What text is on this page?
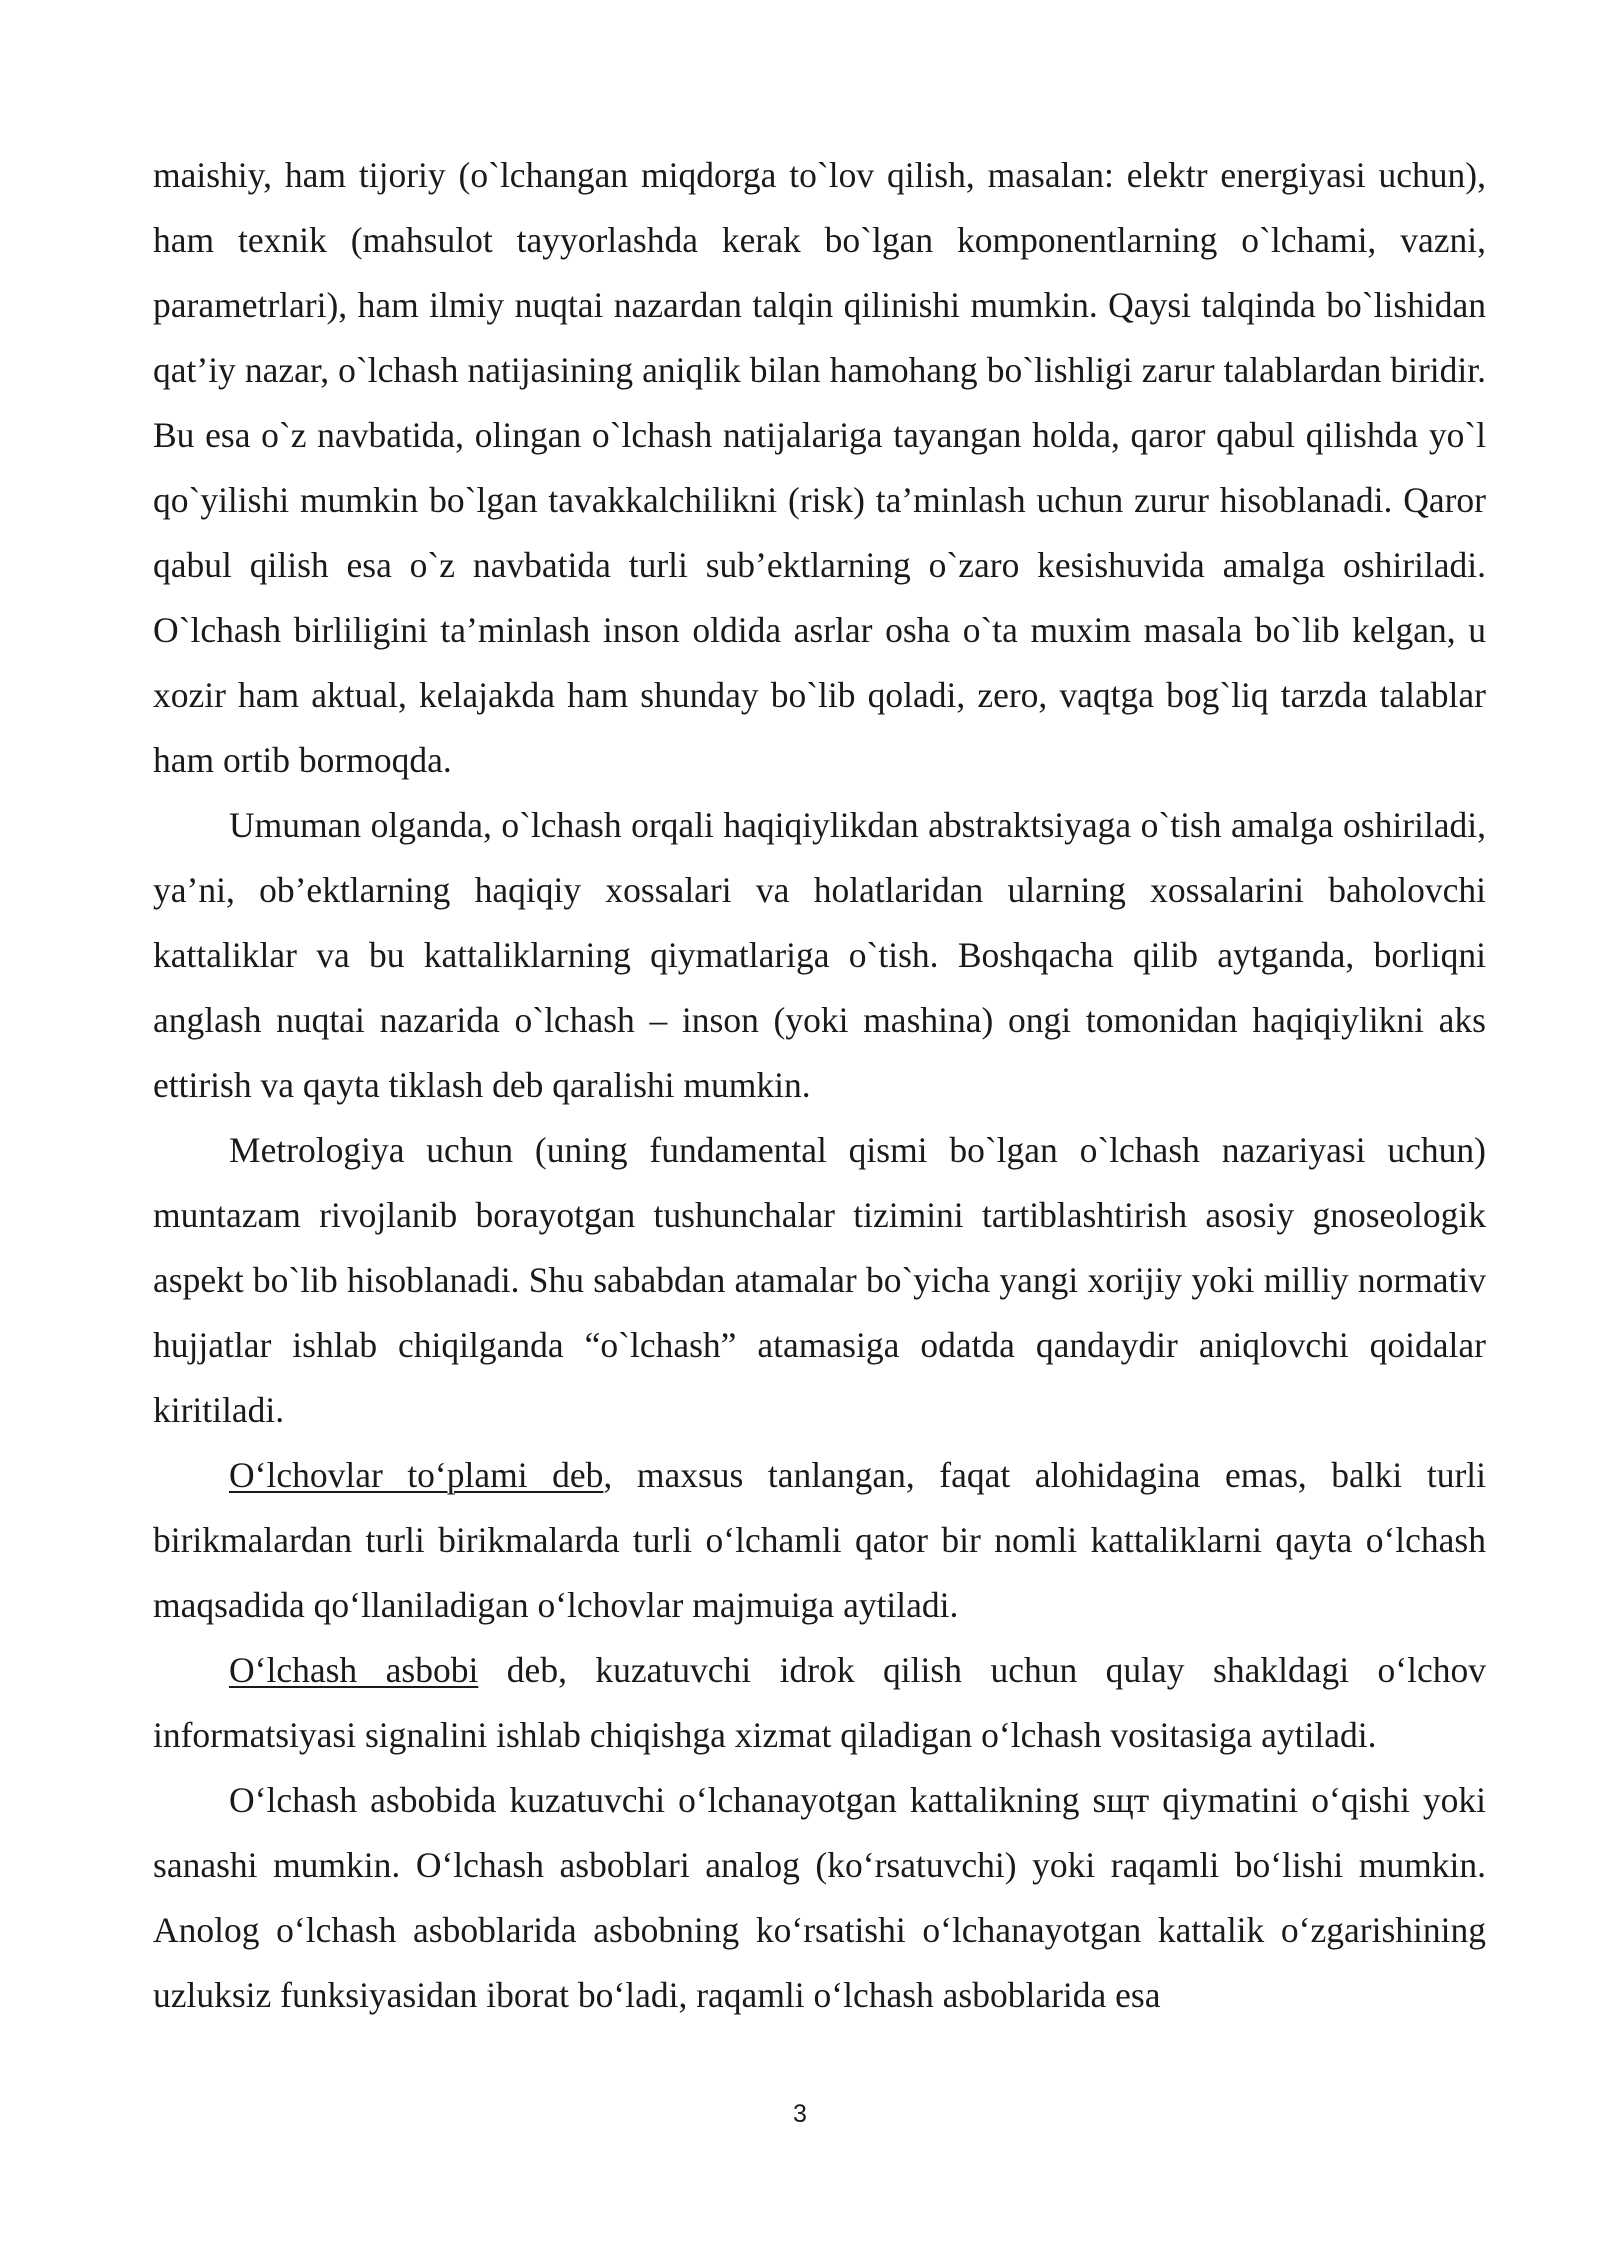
maishiy, ham tijoriy (o`lchangan miqdorga to`lov qilish, masalan: elektr energiyasi uchun), ham texnik (mahsulot tayyorlashda kerak bo`lgan komponentlarning o`lchami, vazni, parametrlari), ham ilmiy nuqtai nazardan talqin qilinishi mumkin. Qaysi talqinda bo`lishidan qat’iy nazar, o`lchash natijasining aniqlik bilan hamohang bo`lishligi zarur talablardan biridir. Bu esa o`z navbatida, olingan o`lchash natijalariga tayangan holda, qaror qabul qilishda yo`l qo`yilishi mumkin bo`lgan tavakkalchilikni (risk) ta’minlash uchun zurur hisoblanadi. Qaror qabul qilish esa o`z navbatida turli sub’ektlarning o`zaro kesishuvida amalga oshiriladi. O`lchash birliligini ta’minlash inson oldida asrlar osha o`ta muxim masala bo`lib kelgan, u xozir ham aktual, kelajakda ham shunday bo`lib qoladi, zero, vaqtga bog`liq tarzda talablar ham ortib bormoqda.

Umuman olganda, o`lchash orqali haqiqiylikdan abstraktsiyaga o`tish amalga oshiriladi, ya’ni, ob’ektlarning haqiqiy xossalari va holatlaridan ularning xossalarini baholovchi kattaliklar va bu kattaliklarning qiymatlariga o`tish. Boshqacha qilib aytganda, borliqni anglash nuqtai nazarida o`lchash – inson (yoki mashina) ongi tomonidan haqiqiylikni aks ettirish va qayta tiklash deb qaralishi mumkin.

Metrologiya uchun (uning fundamental qismi bo`lgan o`lchash nazariyasi uchun) muntazam rivojlanib borayotgan tushunchalar tizimini tartiblashtirish asosiy gnoseologik aspekt bo`lib hisoblanadi. Shu sababdan atamalar bo`yicha yangi xorijiy yoki milliy normativ hujjatlar ishlab chiqilganda “o`lchash” atamasiga odatda qandaydir aniqlovchi qoidalar kiritiladi.

O‘lchovlar to‘plami deb, maxsus tanlangan, faqat alohidagina emas, balki turli birikmalardan turli birikmalarda turli o‘lchamli qator bir nomli kattaliklarni qayta o‘lchash maqsadida qo‘llaniladigan o‘lchovlar majmuiga aytiladi.

O‘lchash asbobi deb, kuzatuvchi idrok qilish uchun qulay shakldagi o‘lchov informatsiyasi signalini ishlab chiqishga xizmat qiladigan o‘lchash vositasiga aytiladi.

O‘lchash asbobida kuzatuvchi o‘lchanayotgan kattalikning sщт qiymatini o‘qishi yoki sanashi mumkin. O‘lchash asboblari analog (ko‘rsatuvchi) yoki raqamli bo‘lishi mumkin. Anolog o‘lchash asboblarida asbobning ko‘rsatishi o‘lchanayotgan kattalik o‘zgarishining uzluksiz funksiyasidan iborat bo‘ladi, raqamli o‘lchash asboblarida esa

3
